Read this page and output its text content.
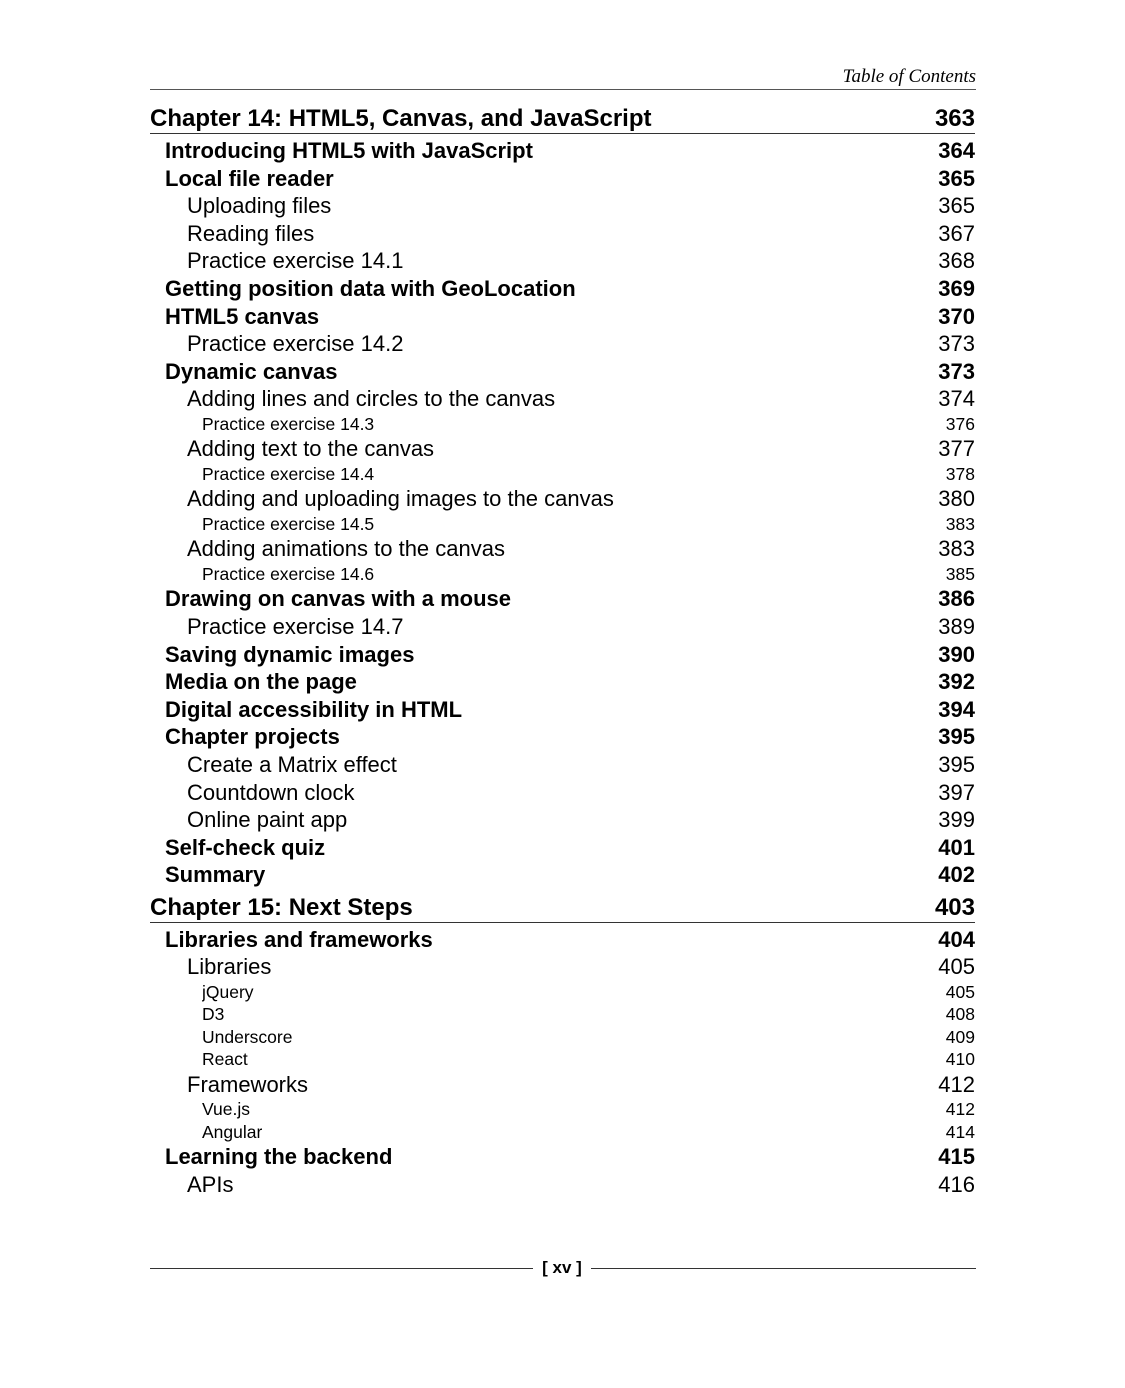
Table of Contents
Chapter 14: HTML5, Canvas, and JavaScript	363
Introducing HTML5 with JavaScript	364
Local file reader	365
Uploading files	365
Reading files	367
Practice exercise 14.1	368
Getting position data with GeoLocation	369
HTML5 canvas	370
Practice exercise 14.2	373
Dynamic canvas	373
Adding lines and circles to the canvas	374
Practice exercise 14.3	376
Adding text to the canvas	377
Practice exercise 14.4	378
Adding and uploading images to the canvas	380
Practice exercise 14.5	383
Adding animations to the canvas	383
Practice exercise 14.6	385
Drawing on canvas with a mouse	386
Practice exercise 14.7	389
Saving dynamic images	390
Media on the page	392
Digital accessibility in HTML	394
Chapter projects	395
Create a Matrix effect	395
Countdown clock	397
Online paint app	399
Self-check quiz	401
Summary	402
Chapter 15: Next Steps	403
Libraries and frameworks	404
Libraries	405
jQuery	405
D3	408
Underscore	409
React	410
Frameworks	412
Vue.js	412
Angular	414
Learning the backend	415
APIs	416
[ xv ]
